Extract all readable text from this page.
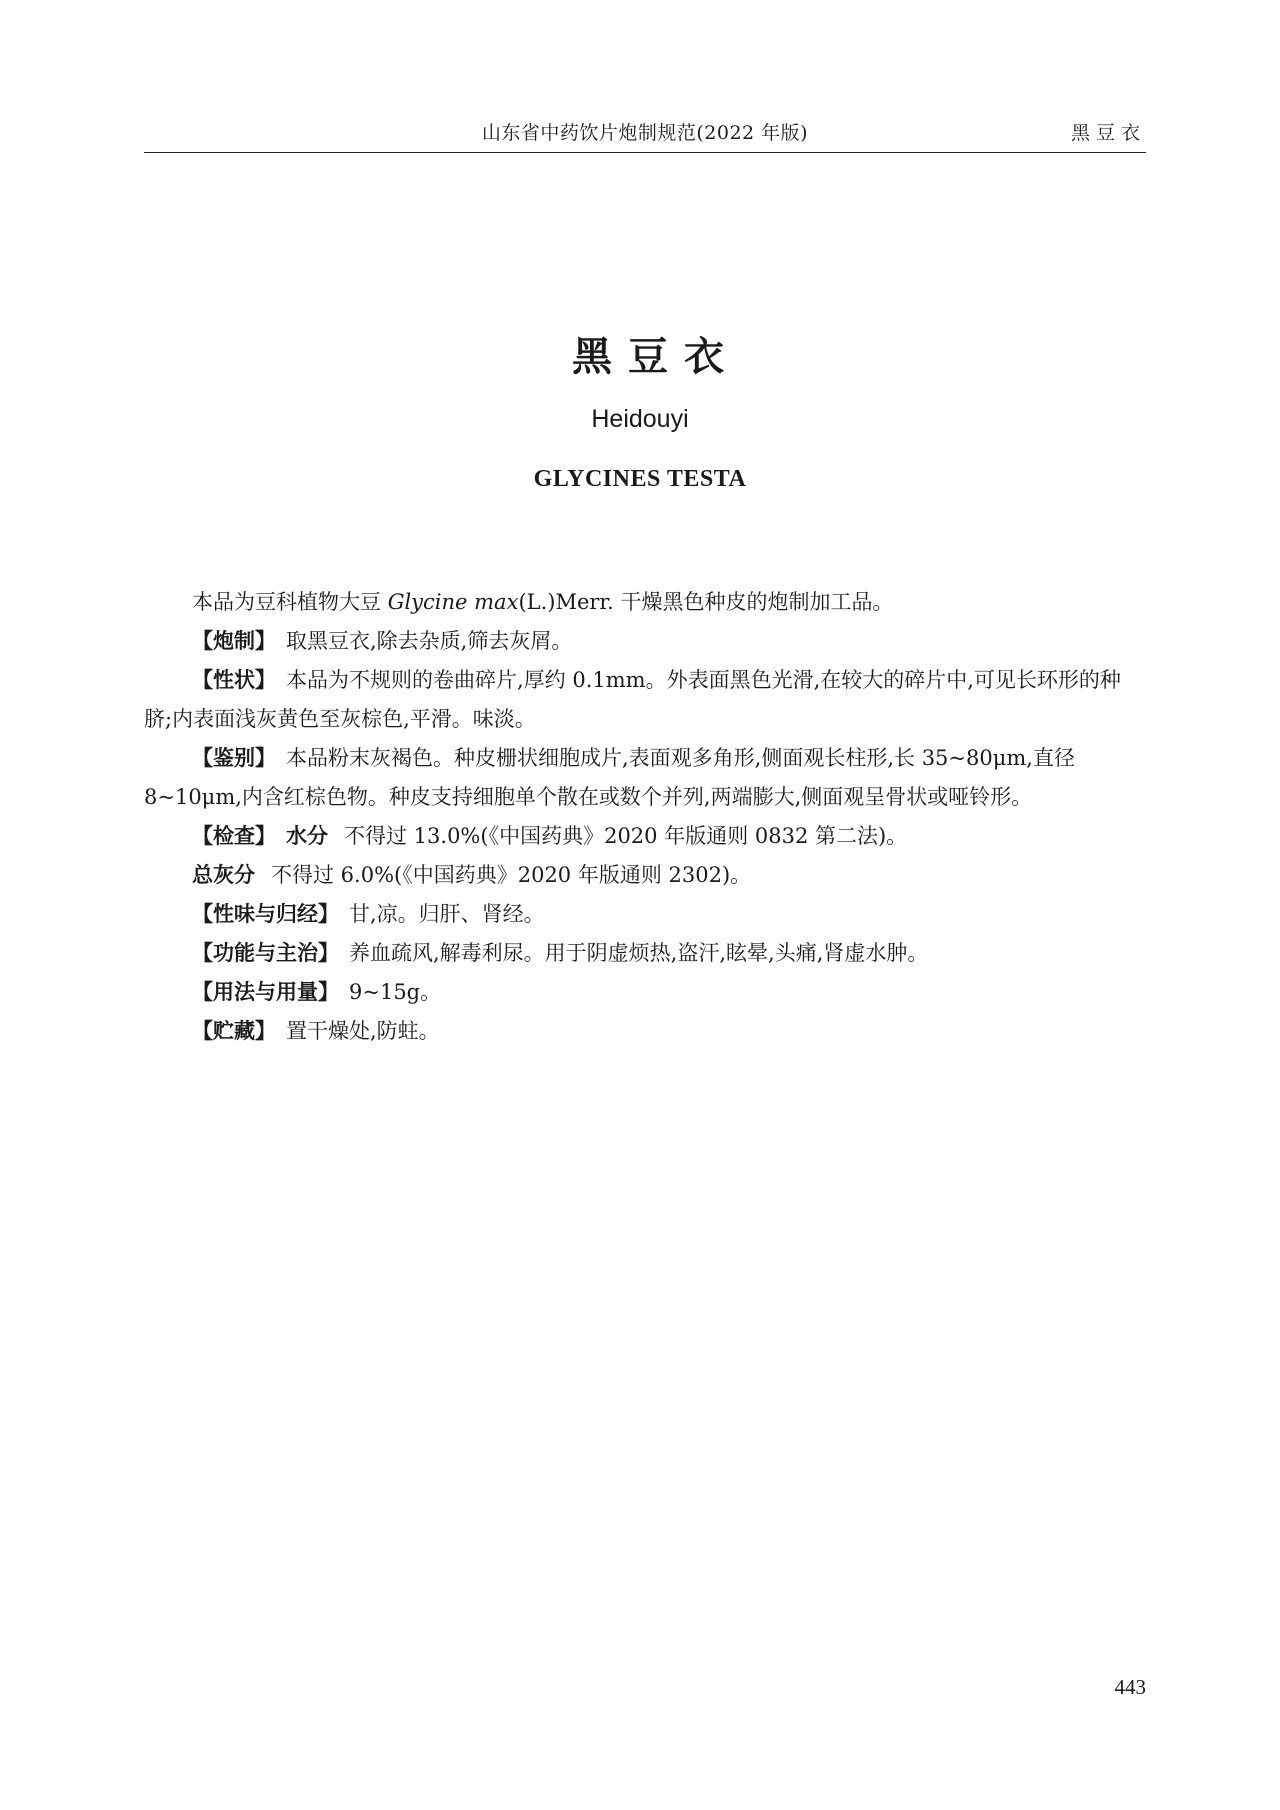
山东省中药饮片炮制规范(2022 年版)	黑豆衣
黑豆衣
Heidouyi
GLYCINES TESTA

本品为豆科植物大豆 Glycine max(L.)Merr. 干燥黑色种皮的炮制加工品。

【炮制】 取黑豆衣,除去杂质,筛去灰屑。

【性状】 本品为不规则的卷曲碎片,厚约 0.1mm。外表面黑色光滑,在较大的碎片中,可见长环形的种脐;内表面浅灰黄色至灰棕色,平滑。味淡。

【鉴别】 本品粉末灰褐色。种皮栅状细胞成片,表面观多角形,侧面观长柱形,长 35~80μm,直径 8~10μm,内含红棕色物。种皮支持细胞单个散在或数个并列,两端膨大,侧面观呈骨状或哑铃形。

【检查】 水分 不得过 13.0%(《中国药典》2020 年版通则 0832 第二法)。

总灰分 不得过 6.0%(《中国药典》2020 年版通则 2302)。

【性味与归经】 甘,凉。归肝、肾经。

【功能与主治】 养血疏风,解毒利尿。用于阴虚烦热,盗汗,眩晕,头痛,肾虚水肿。

【用法与用量】 9~15g。

【贮藏】 置干燥处,防蛀。

443
